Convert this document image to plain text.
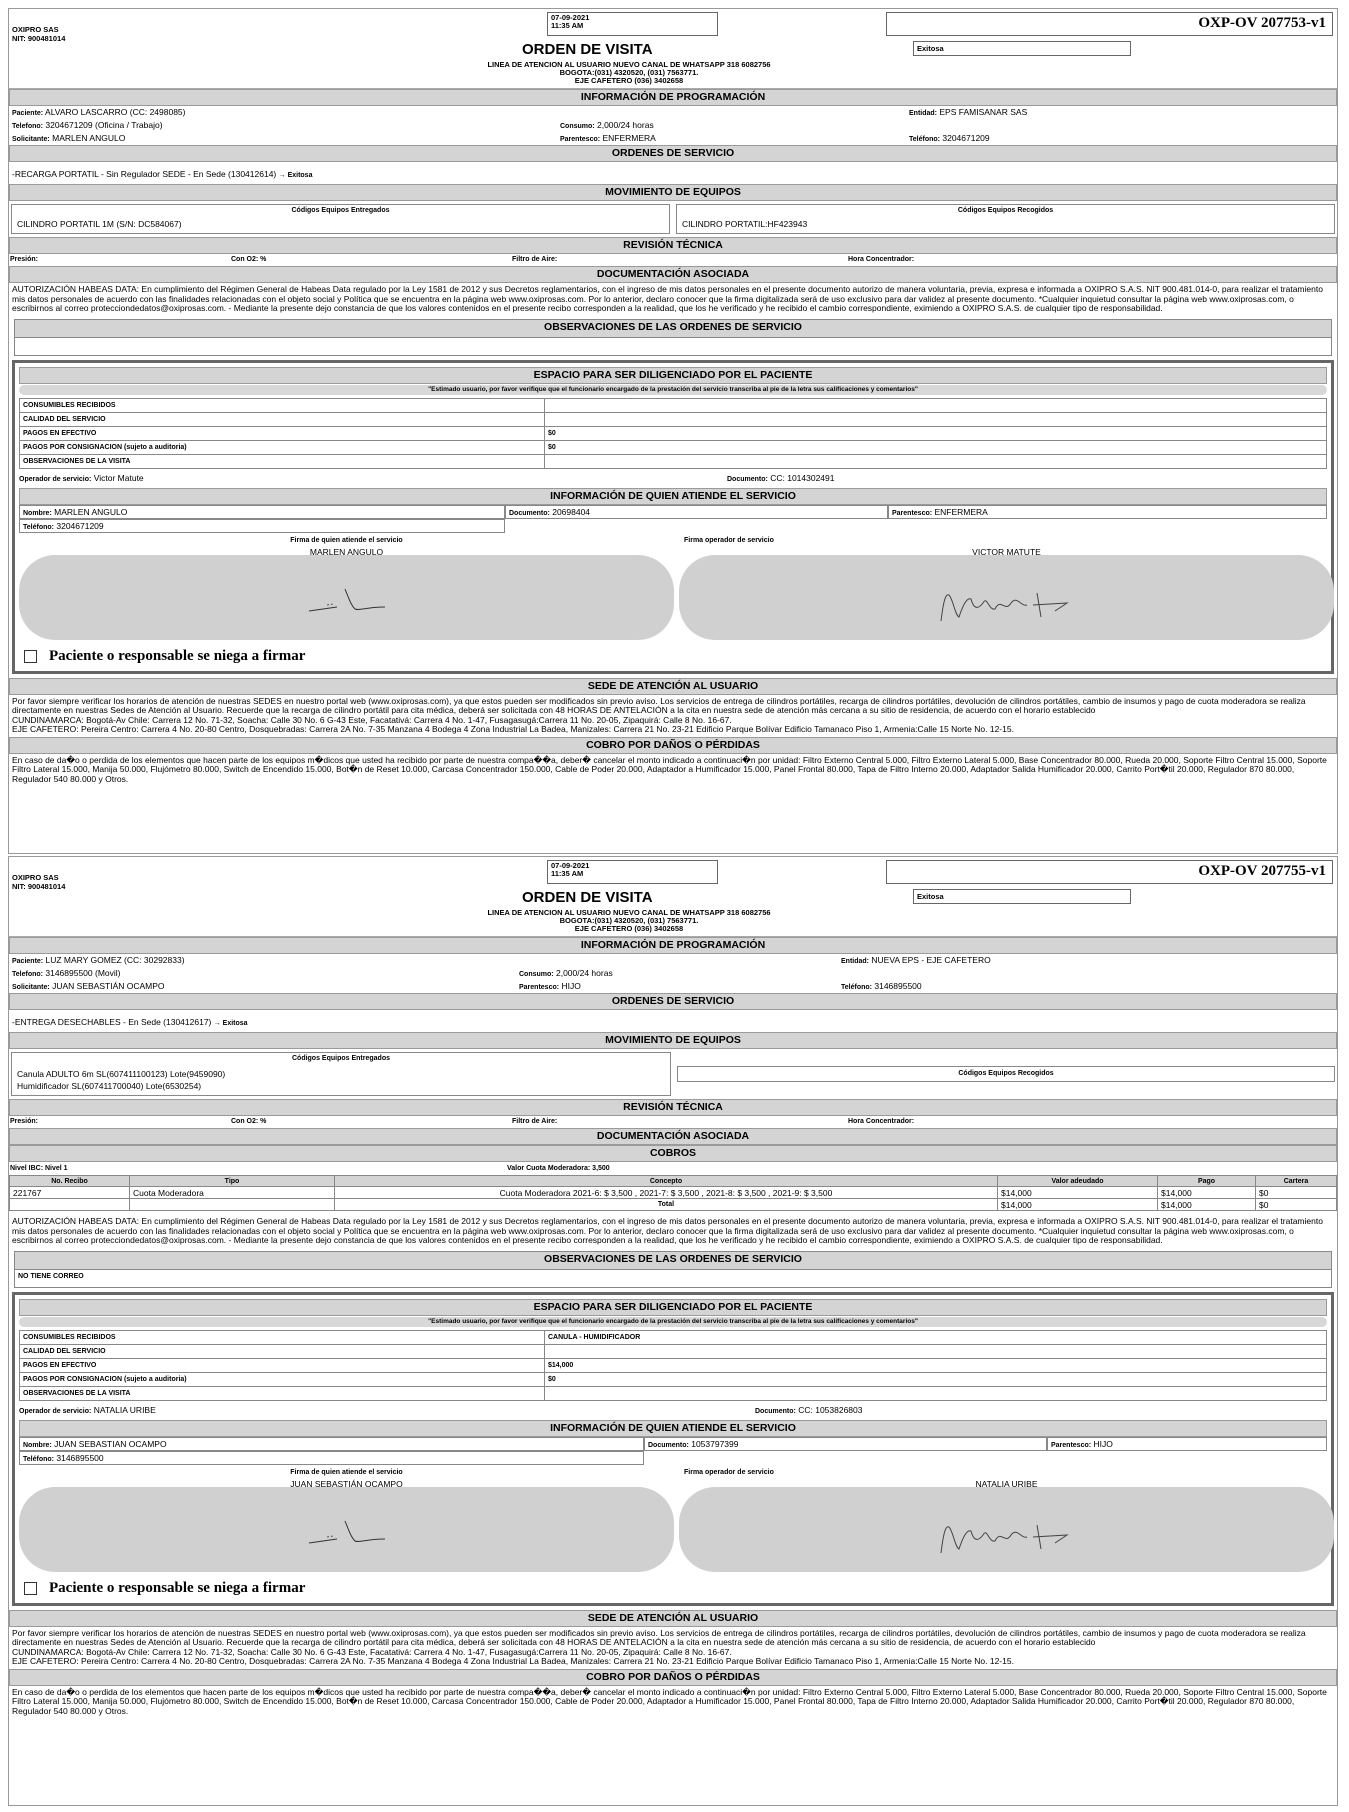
OXIPRO SAS
NIT: 900481014
07-09-2021
11:35 AM
ORDEN DE VISITA
LINEA DE ATENCION AL USUARIO NUEVO CANAL DE WHATSAPP 318 6082756
BOGOTA:(031) 4320520, (031) 7563771.
EJE CAFETERO (036) 3402658
OXP-OV 207753-v1
Exitosa
INFORMACIÓN DE PROGRAMACIÓN
Paciente: ALVARO LASCARRO (CC: 2498085)	Entidad: EPS FAMISANAR SAS
Telefono: 3204671209 (Oficina / Trabajo)	Consumo: 2,000/24 horas
Solicitante: MARLEN ANGULO	Parentesco: ENFERMERA	Teléfono: 3204671209
ORDENES DE SERVICIO
-RECARGA PORTATIL - Sin Regulador SEDE - En Sede (130412614) → Exitosa
MOVIMIENTO DE EQUIPOS
Códigos Equipos Entregados
CILINDRO PORTATIL 1M (S/N: DC584067)
Códigos Equipos Recogidos
CILINDRO PORTATIL:HF423943
REVISIÓN TÉCNICA
Presión:	Con O2: %	Filtro de Aire:	Hora Concentrador:
DOCUMENTACIÓN ASOCIADA
AUTORIZACIÓN HABEAS DATA: En cumplimiento del Régimen General de Habeas Data regulado por la Ley 1581 de 2012 y sus Decretos reglamentarios, con el ingreso de mis datos personales en el presente documento autorizo de manera voluntaria, previa, expresa e informada a OXIPRO S.A.S. NIT 900.481.014-0, para realizar el tratamiento mis datos personales de acuerdo con las finalidades relacionadas con el objeto social y Política que se encuentra en la página web www.oxiprosas.com. Por lo anterior, declaro conocer que la firma digitalizada será de uso exclusivo para dar validez al presente documento. *Cualquier inquietud consultar la página web www.oxiprosas.com, o escribirnos al correo protecciondedatos@oxiprosas.com. - Mediante la presente dejo constancia de que los valores contenidos en el presente recibo corresponden a la realidad, que los he verificado y he recibido el cambio correspondiente, eximiendo a OXIPRO S.A.S. de cualquier tipo de responsabilidad.
OBSERVACIONES DE LAS ORDENES DE SERVICIO
ESPACIO PARA SER DILIGENCIADO POR EL PACIENTE
"Estimado usuario, por favor verifique que el funcionario encargado de la prestación del servicio transcriba al pie de la letra sus calificaciones y comentarios"
CONSUMIBLES RECIBIDOS	
CALIDAD DEL SERVICIO	
PAGOS EN EFECTIVO	$0
PAGOS POR CONSIGNACION (sujeto a auditoria)	$0
OBSERVACIONES DE LA VISITA	
Operador de servicio: Victor Matute	Documento: CC: 1014302491
INFORMACIÓN DE QUIEN ATIENDE EL SERVICIO
Nombre: MARLEN ANGULO	Documento: 20698404	Parentesco: ENFERMERA
Teléfono: 3204671209
Firma de quien atiende el servicio
MARLEN ANGULO
Firma operador de servicio
VICTOR MATUTE
Paciente o responsable se niega a firmar
SEDE DE ATENCIÓN AL USUARIO
Por favor siempre verificar los horarios de atención de nuestras SEDES en nuestro portal web (www.oxiprosas.com), ya que estos pueden ser modificados sin previo aviso. Los servicios de entrega de cilindros portátiles, recarga de cilindros portátiles, devolución de cilindros portátiles, cambio de insumos y pago de cuota moderadora se realiza directamente en nuestras Sedes de Atención al Usuario. Recuerde que la recarga de cilindro portátil para cita médica, deberá ser solicitada con 48 HORAS DE ANTELACIÓN a la cita en nuestra sede de atención más cercana a su sitio de residencia, de acuerdo con el horario establecido
CUNDINAMARCA: Bogotá-Av Chile: Carrera 12 No. 71-32, Soacha: Calle 30 No. 6 G-43 Este, Facatativá: Carrera 4 No. 1-47, Fusagasugá:Carrera 11 No. 20-05, Zipaquirá: Calle 8 No. 16-67.
EJE CAFETERO: Pereira Centro: Carrera 4 No. 20-80 Centro, Dosquebradas: Carrera 2A No. 7-35 Manzana 4 Bodega 4 Zona Industrial La Badea, Manizales: Carrera 21 No. 23-21 Edificio Parque Bolívar Edificio Tamanaco Piso 1, Armenia:Calle 15 Norte No. 12-15.
COBRO POR DAÑOS O PÉRDIDAS
En caso de da�o o perdida de los elementos que hacen parte de los equipos m�dicos que usted ha recibido por parte de nuestra compa��a, deber� cancelar el monto indicado a continuaci�n por unidad: Filtro Externo Central 5.000, Filtro Externo Lateral 5.000, Base Concentrador 80.000, Rueda 20.000, Soporte Filtro Central 15.000, Soporte Filtro Lateral 15.000, Manija 50.000, Flujómetro 80.000, Switch de Encendido 15.000, Bot�n de Reset 10.000, Carcasa Concentrador 150.000, Cable de Poder 20.000, Adaptador a Humificador 15.000, Panel Frontal 80.000, Tapa de Filtro Interno 20.000, Adaptador Salida Humificador 20.000, Carrito Port�til 20.000, Regulador 870 80.000, Regulador 540 80.000 y Otros.
OXIPRO SAS
NIT: 900481014
07-09-2021
11:35 AM
ORDEN DE VISITA
LINEA DE ATENCION AL USUARIO NUEVO CANAL DE WHATSAPP 318 6082756
BOGOTA:(031) 4320520, (031) 7563771.
EJE CAFETERO (036) 3402658
OXP-OV 207755-v1
Exitosa
INFORMACIÓN DE PROGRAMACIÓN
Paciente: LUZ MARY GOMEZ (CC: 30292833)	Entidad: NUEVA EPS - EJE CAFETERO
Telefono: 3146895500 (Movil)	Consumo: 2,000/24 horas
Solicitante: JUAN SEBASTIÁN OCAMPO	Parentesco: HIJO	Teléfono: 3146895500
ORDENES DE SERVICIO
-ENTREGA DESECHABLES - En Sede (130412617) → Exitosa
MOVIMIENTO DE EQUIPOS
Códigos Equipos Entregados
Canula ADULTO 6m SL(607411100123) Lote(9459090)
Humidificador SL(607411700040) Lote(6530254)
Códigos Equipos Recogidos
REVISIÓN TÉCNICA
Presión:	Con O2: %	Filtro de Aire:	Hora Concentrador:
DOCUMENTACIÓN ASOCIADA
COBROS
Nivel IBC: Nivel 1	Valor Cuota Moderadora: 3,500
No. Recibo	Tipo	Concepto	Valor adeudado	Pago	Cartera
221767	Cuota Moderadora	Cuota Moderadora 2021-6: $ 3,500 , 2021-7: $ 3,500 , 2021-8: $ 3,500 , 2021-9: $ 3,500	$14,000	$14,000	$0
		Total	$14,000	$14,000	$0
AUTORIZACIÓN HABEAS DATA: En cumplimiento del Régimen General de Habeas Data regulado por la Ley 1581 de 2012 y sus Decretos reglamentarios, con el ingreso de mis datos personales en el presente documento autorizo de manera voluntaria, previa, expresa e informada a OXIPRO S.A.S. NIT 900.481.014-0, para realizar el tratamiento mis datos personales de acuerdo con las finalidades relacionadas con el objeto social y Política que se encuentra en la página web www.oxiprosas.com. Por lo anterior, declaro conocer que la firma digitalizada será de uso exclusivo para dar validez al presente documento. *Cualquier inquietud consultar la página web www.oxiprosas.com, o escribirnos al correo protecciondedatos@oxiprosas.com. - Mediante la presente dejo constancia de que los valores contenidos en el presente recibo corresponden a la realidad, que los he verificado y he recibido el cambio correspondiente, eximiendo a OXIPRO S.A.S. de cualquier tipo de responsabilidad.
OBSERVACIONES DE LAS ORDENES DE SERVICIO
NO TIENE CORREO
ESPACIO PARA SER DILIGENCIADO POR EL PACIENTE
"Estimado usuario, por favor verifique que el funcionario encargado de la prestación del servicio transcriba al pie de la letra sus calificaciones y comentarios"
CONSUMIBLES RECIBIDOS	CANULA - HUMIDIFICADOR
CALIDAD DEL SERVICIO	
PAGOS EN EFECTIVO	$14,000
PAGOS POR CONSIGNACION (sujeto a auditoria)	$0
OBSERVACIONES DE LA VISITA	
Operador de servicio: NATALIA URIBE	Documento: CC: 1053826803
INFORMACIÓN DE QUIEN ATIENDE EL SERVICIO
Nombre: JUAN SEBASTIAN OCAMPO	Documento: 1053797399	Parentesco: HIJO
Teléfono: 3146895500
Firma de quien atiende el servicio
JUAN SEBASTIÁN OCAMPO
Firma operador de servicio
NATALIA URIBE
Paciente o responsable se niega a firmar
SEDE DE ATENCIÓN AL USUARIO
Por favor siempre verificar los horarios de atención de nuestras SEDES en nuestro portal web (www.oxiprosas.com), ya que estos pueden ser modificados sin previo aviso. Los servicios de entrega de cilindros portátiles, recarga de cilindros portátiles, devolución de cilindros portátiles, cambio de insumos y pago de cuota moderadora se realiza directamente en nuestras Sedes de Atención al Usuario. Recuerde que la recarga de cilindro portátil para cita médica, deberá ser solicitada con 48 HORAS DE ANTELACIÓN a la cita en nuestra sede de atención más cercana a su sitio de residencia, de acuerdo con el horario establecido
CUNDINAMARCA: Bogotá-Av Chile: Carrera 12 No. 71-32, Soacha: Calle 30 No. 6 G-43 Este, Facatativá: Carrera 4 No. 1-47, Fusagasugá:Carrera 11 No. 20-05, Zipaquirá: Calle 8 No. 16-67.
EJE CAFETERO: Pereira Centro: Carrera 4 No. 20-80 Centro, Dosquebradas: Carrera 2A No. 7-35 Manzana 4 Bodega 4 Zona Industrial La Badea, Manizales: Carrera 21 No. 23-21 Edificio Parque Bolívar Edificio Tamanaco Piso 1, Armenia:Calle 15 Norte No. 12-15.
COBRO POR DAÑOS O PÉRDIDAS
En caso de da�o o perdida de los elementos que hacen parte de los equipos m�dicos que usted ha recibido por parte de nuestra compa��a, deber� cancelar el monto indicado a continuaci�n por unidad: Filtro Externo Central 5.000, Filtro Externo Lateral 5.000, Base Concentrador 80.000, Rueda 20.000, Soporte Filtro Central 15.000, Soporte Filtro Lateral 15.000, Manija 50.000, Flujómetro 80.000, Switch de Encendido 15.000, Bot�n de Reset 10.000, Carcasa Concentrador 150.000, Cable de Poder 20.000, Adaptador a Humificador 15.000, Panel Frontal 80.000, Tapa de Filtro Interno 20.000, Adaptador Salida Humificador 20.000, Carrito Port�til 20.000, Regulador 870 80.000, Regulador 540 80.000 y Otros.
